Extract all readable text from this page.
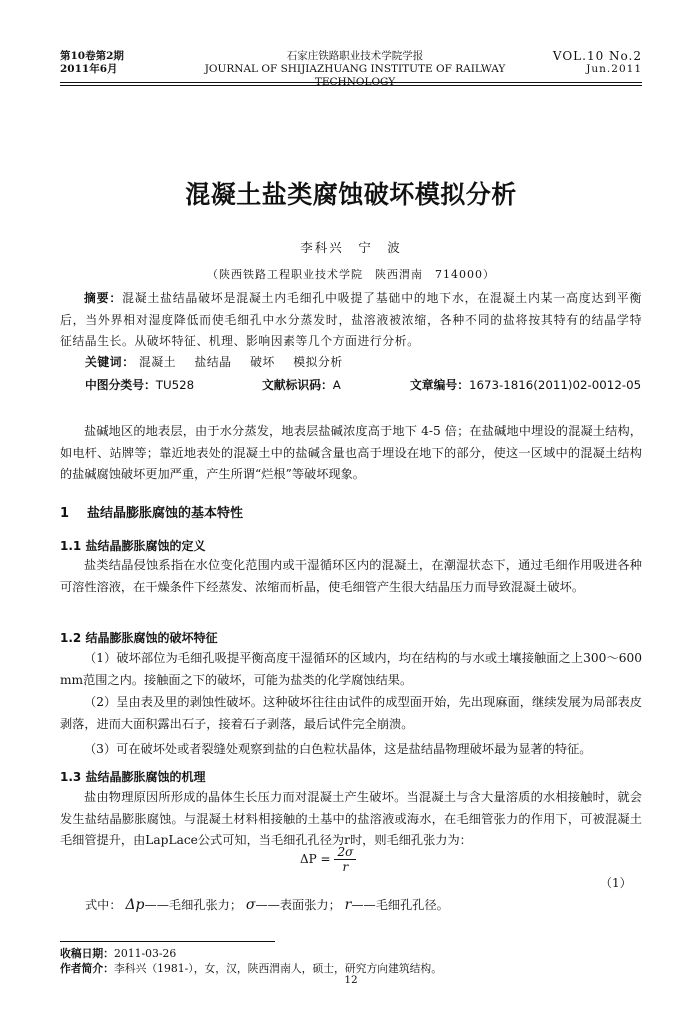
第10卷第2期
2011年6月
石家庄铁路职业技术学院学报
JOURNAL OF SHIJIAZHUANG INSTITUTE OF RAILWAY TECHNOLOGY
VOL.10 No.2
Jun.2011
混凝土盐类腐蚀破坏模拟分析
李科兴　宁　波
（陕西铁路工程职业技术学院　陕西渭南　714000）
摘要：混凝土盐结晶破坏是混凝土内毛细孔中吸提了基础中的地下水，在混凝土内某一高度达到平衡后，当外界相对湿度降低而使毛细孔中水分蒸发时，盐溶液被浓缩，各种不同的盐将按其特有的结晶学特征结晶生长。从破坏特征、机理、影响因素等几个方面进行分析。
关键词： 混凝土 盐结晶 破坏 模拟分析
中图分类号：TU528	文献标识码：A	文章编号：1673-1816(2011)02-0012-05
盐碱地区的地表层，由于水分蒸发，地表层盐碱浓度高于地下 4-5 倍；在盐碱地中埋设的混凝土结构，如电杆、站牌等；靠近地表处的混凝土中的盐碱含量也高于埋设在地下的部分，使这一区域中的混凝土结构的盐碱腐蚀破坏更加严重，产生所谓“烂根”等破坏现象。
1 盐结晶膨胀腐蚀的基本特性
1.1 盐结晶膨胀腐蚀的定义
盐类结晶侵蚀系指在水位变化范围内或干湿循环区内的混凝土，在潮湿状态下，通过毛细作用吸进各种可溶性溶液，在干燥条件下经蒸发、浓缩而析晶，使毛细管产生很大结晶压力而导致混凝土破坏。
1.2 结晶膨胀腐蚀的破坏特征
（1）破坏部位为毛细孔吸提平衡高度干湿循环的区域内，均在结构的与水或土壤接触面之上300～600 mm范围之内。接触面之下的破坏，可能为盐类的化学腐蚀结果。
（2）呈由表及里的剥蚀性破坏。这种破坏往往由试件的成型面开始，先出现麻面，继续发展为局部表皮剥落，进而大面积露出石子，接着石子剥落，最后试件完全崩溃。
（3）可在破坏处或者裂缝处观察到盐的白色粒状晶体，这是盐结晶物理破坏最为显著的特征。
1.3 盐结晶膨胀腐蚀的机理
盐由物理原因所形成的晶体生长压力而对混凝土产生破坏。当混凝土与含大量溶质的水相接触时，就会发生盐结晶膨胀腐蚀。与混凝土材料相接触的土基中的盐溶液或海水，在毛细管张力的作用下，可被混凝土毛细管提升，由LapLace公式可知，当毛细孔孔径为r时，则毛细孔张力为：
$\Delta P = \frac{2\sigma}{r}$
（1）
式中： Δp——毛细孔张力； σ——表面张力； r——毛细孔孔径。
收稿日期：2011-03-26
作者简介：李科兴（1981-），女，汉，陕西渭南人，硕士，研究方向建筑结构。
12
